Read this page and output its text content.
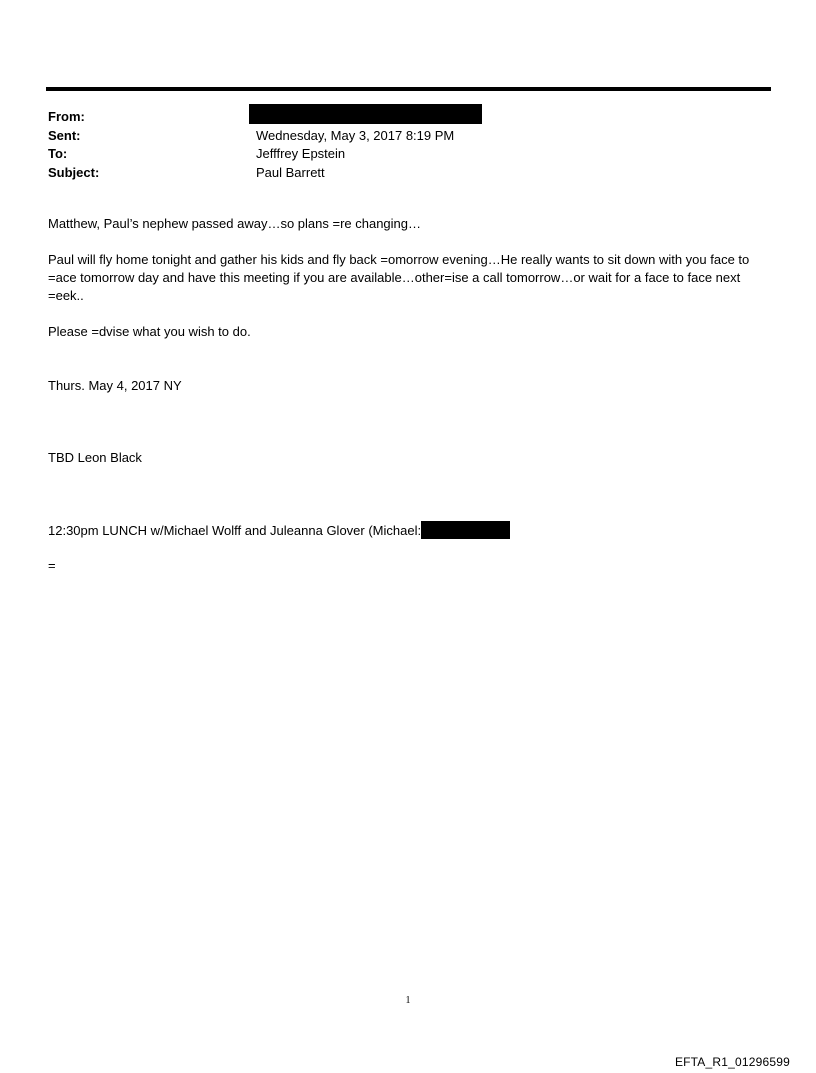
From:
Sent:	Wednesday, May 3, 2017 8:19 PM
To:	Jefffrey Epstein
Subject:	Paul Barrett

Matthew, Paul’s nephew passed away…so plans =re changing…

Paul will fly home tonight and gather his kids and fly back =omorrow evening…He really wants to sit down with you face to =ace tomorrow day and have this meeting if you are available…other=ise a call tomorrow…or wait for a face to face next =eek..

Please =dvise what you wish to do.

Thurs. May 4, 2017 NY

TBD Leon Black

12:30pm LUNCH w/Michael Wolff and Juleanna Glover (Michael:

=

1
EFTA_R1_01296599
